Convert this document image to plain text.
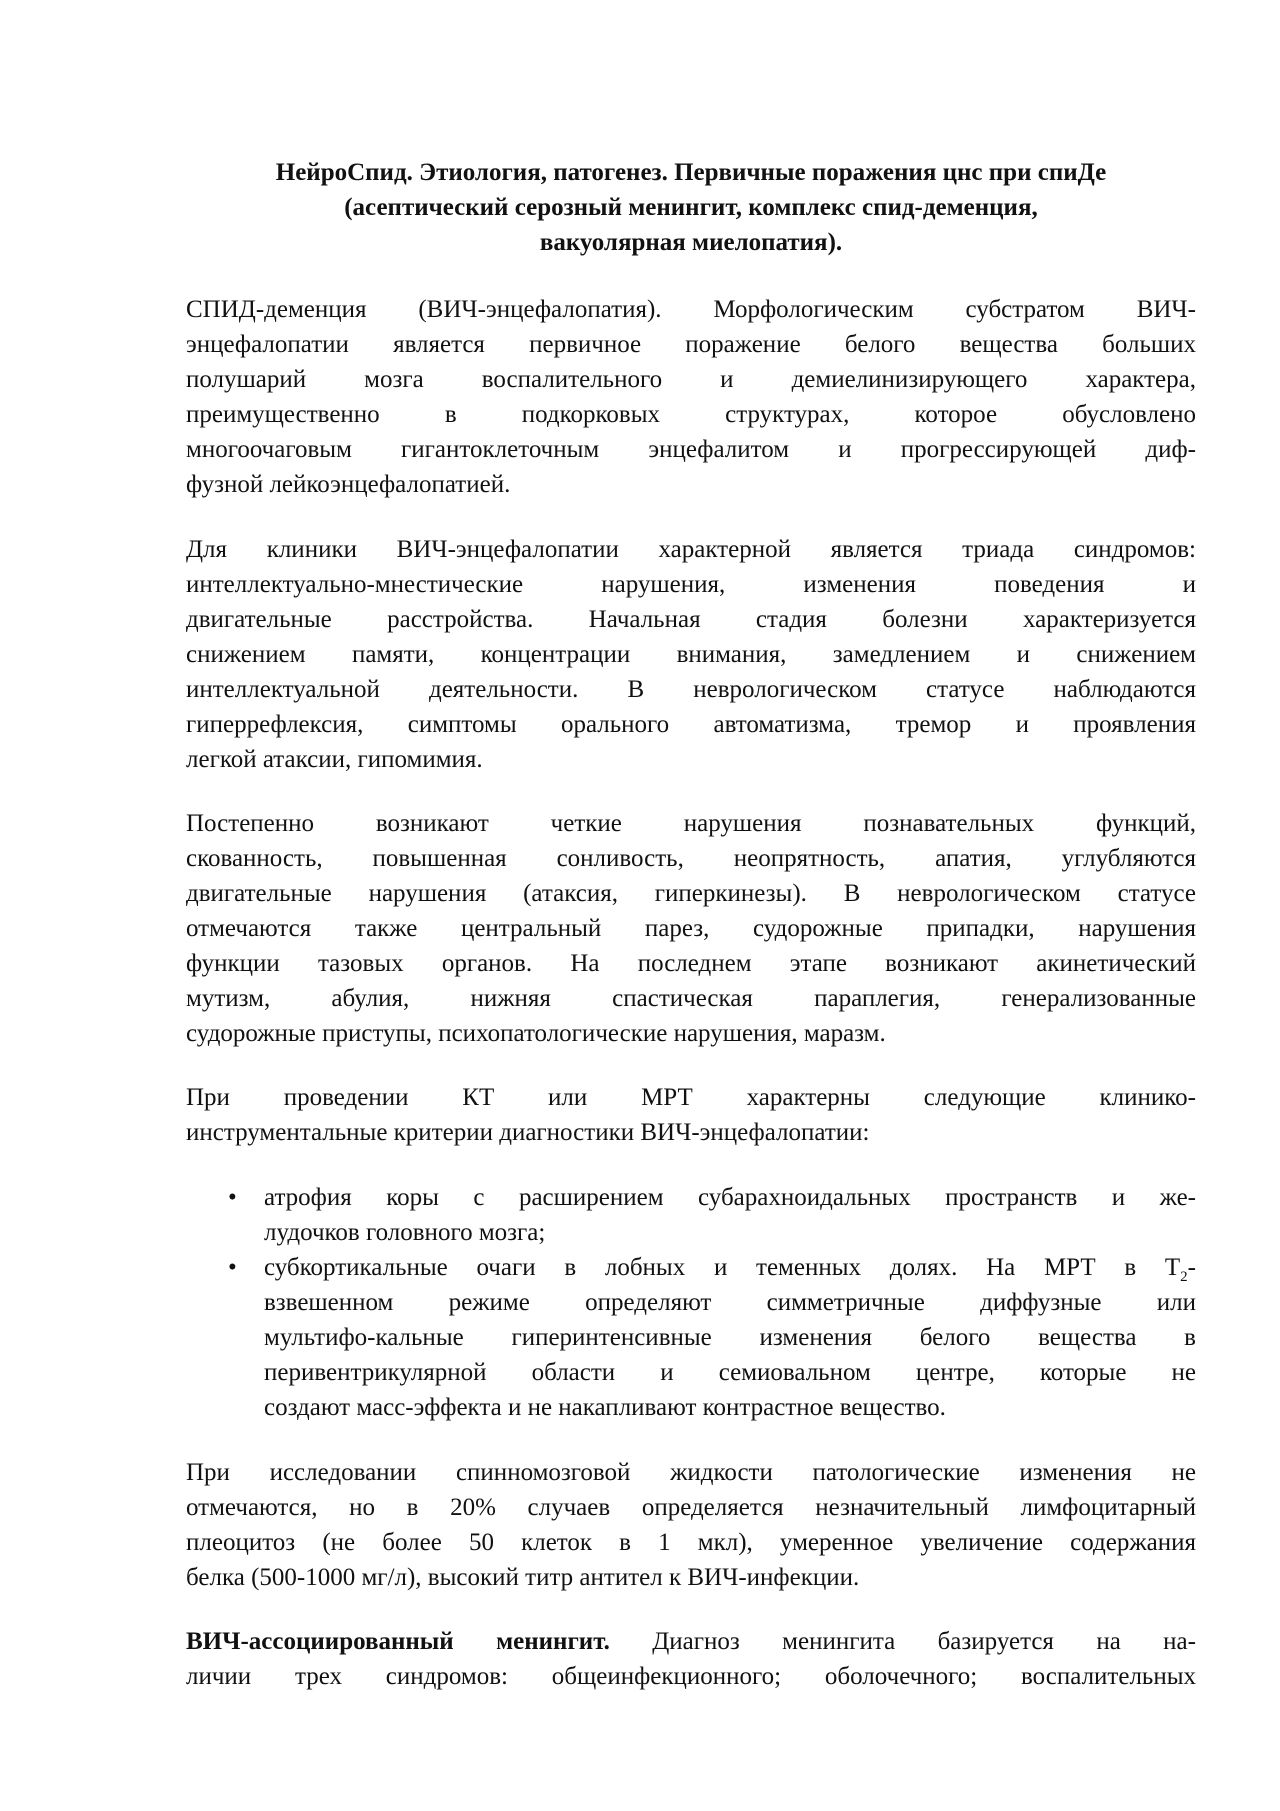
НейроСпид. Этиология, патогенез. Первичные поражения цнс при спиДе
(асептический серозный менингит, комплекс спид-деменция,
вакуолярная миелопатия).
СПИД-деменция (ВИЧ-энцефалопатия). Морфологическим субстратом ВИЧ-
энцефалопатии является первичное поражение белого вещества больших
полушарий мозга воспалительного и демиелинизирующего характера,
преимущественно в подкорковых структурах, которое обусловлено
многоочаговым гигантоклеточным энцефалитом и прогрессирующей диф-
фузной лейкоэнцефалопатией.
Для клиники ВИЧ-энцефалопатии характерной является триада синдромов:
интеллектуально-мнестические нарушения, изменения поведения и
двигательные расстройства. Начальная стадия болезни характеризуется
снижением памяти, концентрации внимания, замедлением и снижением
интеллектуальной деятельности. В неврологическом статусе наблюдаются
гиперрефлексия, симптомы орального автоматизма, тремор и проявления
легкой атаксии, гипомимия.
Постепенно возникают четкие нарушения познавательных функций,
скованность, повышенная сонливость, неопрятность, апатия, углубляются
двигательные нарушения (атаксия, гиперкинезы). В неврологическом статусе
отмечаются также центральный парез, судорожные припадки, нарушения
функции тазовых органов. На последнем этапе возникают акинетический
мутизм, абулия, нижняя спастическая параплегия, генерализованные
судорожные приступы, психопатологические нарушения, маразм.
При проведении КТ или МРТ характерны следующие клинико-
инструментальные критерии диагностики ВИЧ-энцефалопатии:
• атрофия коры с расширением субарахноидальных пространств и же-
лудочков головного мозга;
• субкортикальные очаги в лобных и теменных долях. На МРТ в $T_2-$
взвешенном режиме определяют симметричные диффузные или
мультифо-кальные гиперинтенсивные изменения белого вещества в
перивентрикулярной области и семиовальном центре, которые не
создают масс-эффекта и не накапливают контрастное вещество.
При исследовании спинномозговой жидкости патологические изменения не
отмечаются, но в 20% случаев определяется незначительный лимфоцитарный
плеоцитоз (не более 50 клеток в 1 мкл), умеренное увеличение содержания
белка (500-1000 мг/л), высокий титр антител к ВИЧ-инфекции.
ВИЧ-ассоциированный менингит. Диагноз менингита базируется на на-
личии трех синдромов: общеинфекционного; оболочечного; воспалительных
